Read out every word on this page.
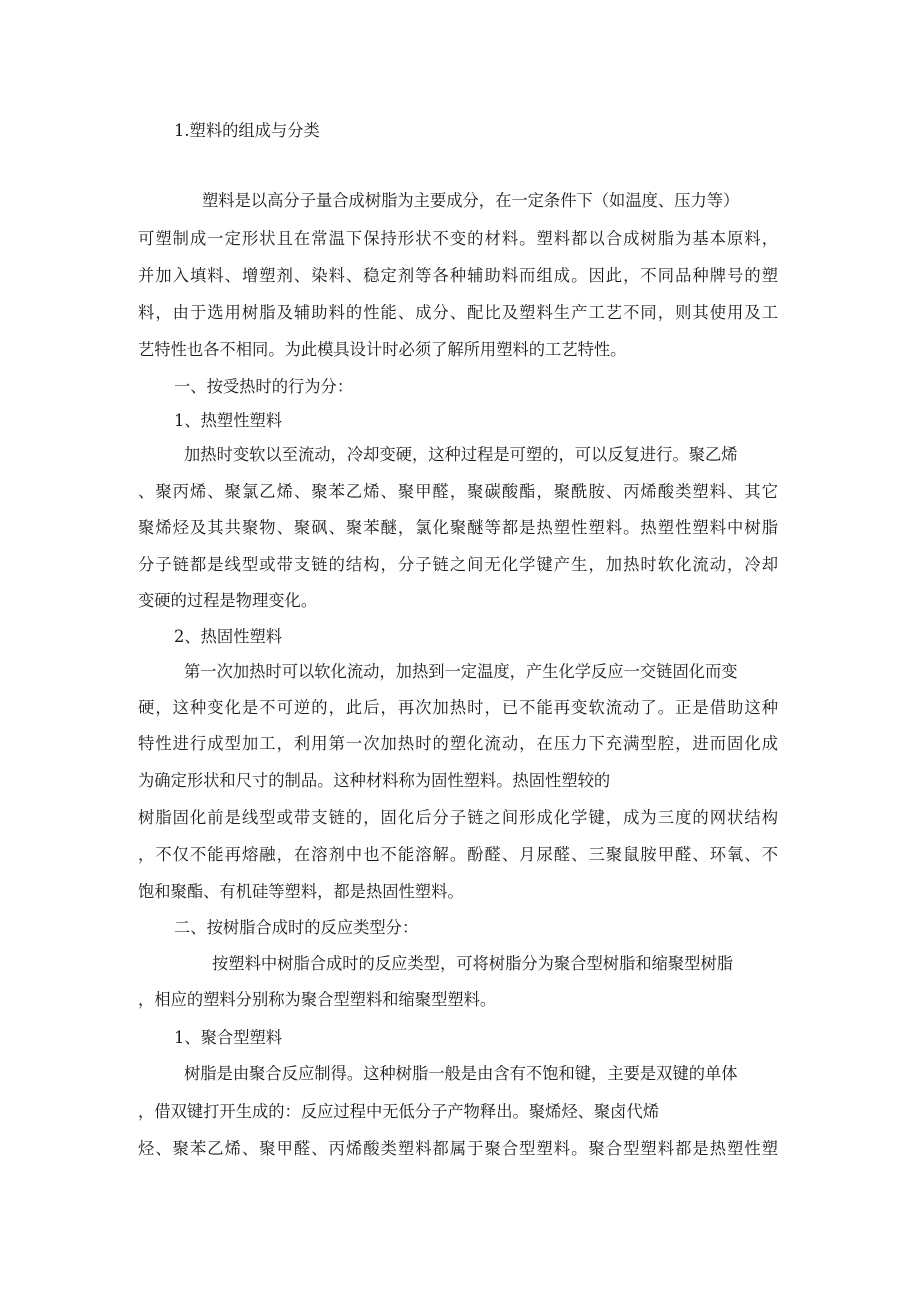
1.塑料的组成与分类
塑料是以高分子量合成树脂为主要成分，在一定条件下（如温度、压力等）
可塑制成一定形状且在常温下保持形状不变的材料。塑料都以合成树脂为基本原料，
并加入填料、增塑剂、染料、稳定剂等各种辅助料而组成。因此，不同品种牌号的塑
料，由于选用树脂及辅助料的性能、成分、配比及塑料生产工艺不同，则其使用及工
艺特性也各不相同。为此模具设计时必须了解所用塑料的工艺特性。
一、按受热时的行为分：
1、热塑性塑料
加热时变软以至流动，冷却变硬，这种过程是可塑的，可以反复进行。聚乙烯
、聚丙烯、聚氯乙烯、聚苯乙烯、聚甲醛，聚碳酸酯，聚酰胺、丙烯酸类塑料、其它
聚烯烃及其共聚物、聚砜、聚苯醚，氯化聚醚等都是热塑性塑料。热塑性塑料中树脂
分子链都是线型或带支链的结构，分子链之间无化学键产生，加热时软化流动，冷却
变硬的过程是物理变化。
2、热固性塑料
第一次加热时可以软化流动，加热到一定温度，产生化学反应一交链固化而变
硬，这种变化是不可逆的，此后，再次加热时，已不能再变软流动了。正是借助这种
特性进行成型加工，利用第一次加热时的塑化流动，在压力下充满型腔，进而固化成
为确定形状和尺寸的制品。这种材料称为固性塑料。热固性塑较的
树脂固化前是线型或带支链的，固化后分子链之间形成化学键，成为三度的网状结构
，不仅不能再熔融，在溶剂中也不能溶解。酚醛、月尿醛、三聚鼠胺甲醛、环氧、不
饱和聚酯、有机硅等塑料，都是热固性塑料。
二、按树脂合成时的反应类型分：
按塑料中树脂合成时的反应类型，可将树脂分为聚合型树脂和缩聚型树脂
，相应的塑料分别称为聚合型塑料和缩聚型塑料。
1、聚合型塑料
树脂是由聚合反应制得。这种树脂一般是由含有不饱和键，主要是双键的单体
，借双键打开生成的：反应过程中无低分子产物释出。聚烯烃、聚卤代烯
烃、聚苯乙烯、聚甲醛、丙烯酸类塑料都属于聚合型塑料。聚合型塑料都是热塑性塑
